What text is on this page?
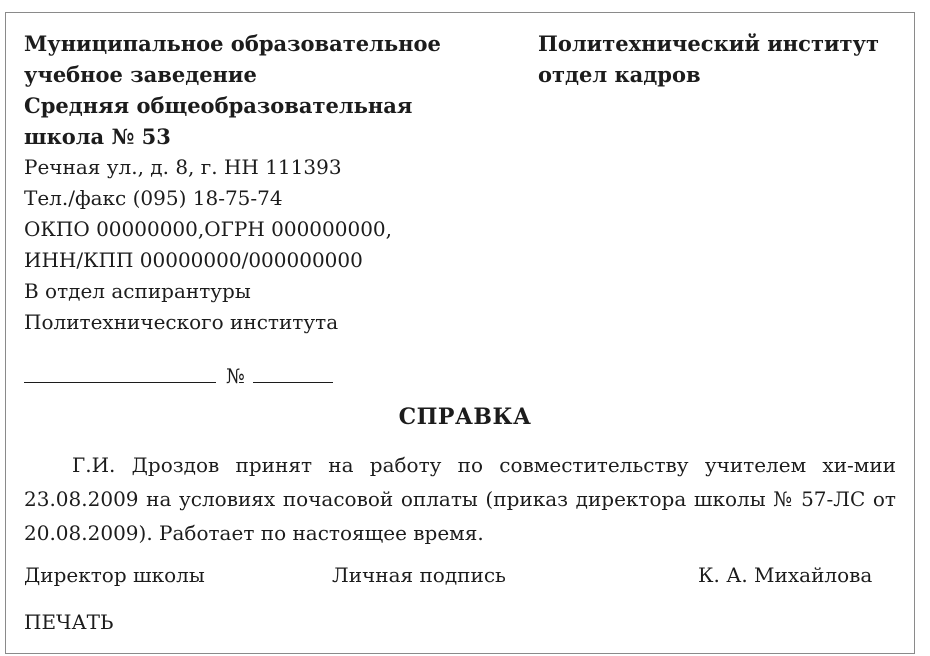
Муниципальное образовательное
учебное заведение
Средняя общеобразовательная
школа № 53
Речная ул., д. 8, г. НН 111393
Тел./факс (095) 18-75-74
ОКПО 00000000,ОГРН 000000000,
ИНН/КПП 00000000/000000000
В отдел аспирантуры
Политехнического института
Политехнический институт
отдел кадров
№
СПРАВКА
Г.И. Дроздов принят на работу по совместительству учителем хи-мии 23.08.2009 на условиях почасовой оплаты (приказ директора школы № 57-ЛС от 20.08.2009). Работает по настоящее время.
Директор школы	Личная подпись	К. А. Михайлова
ПЕЧАТЬ
